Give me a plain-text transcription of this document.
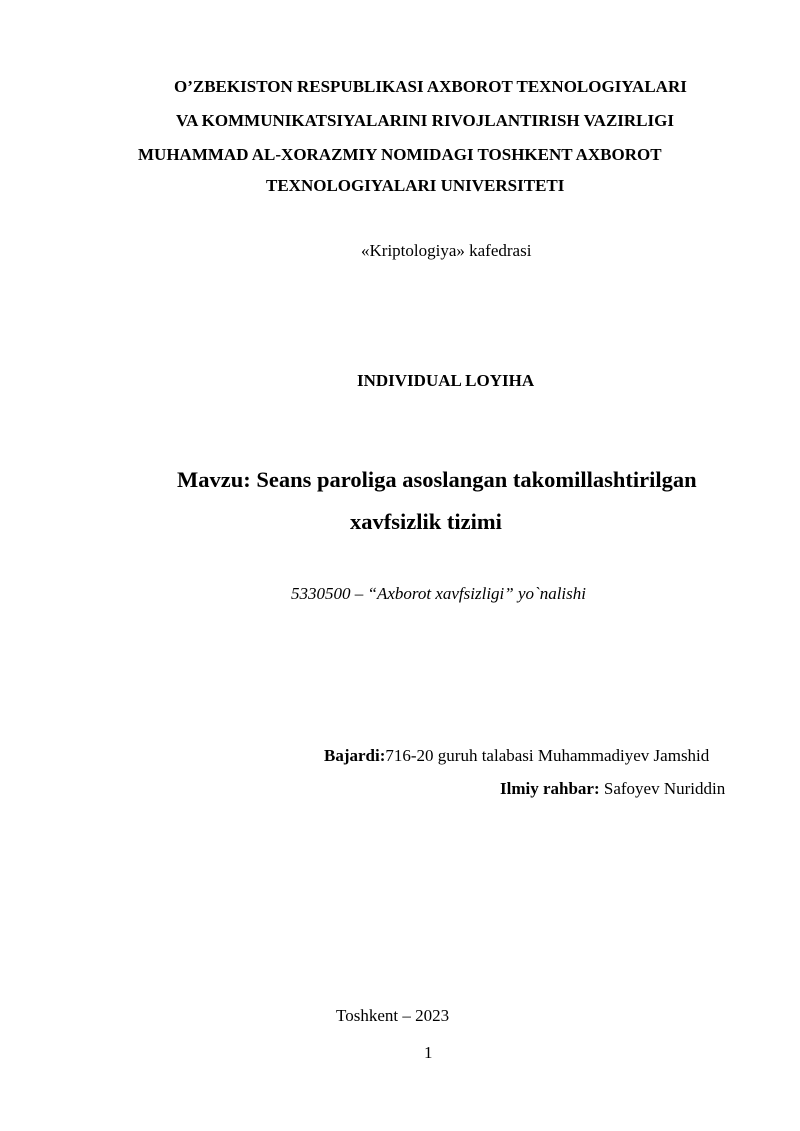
O’ZBEKISTON RESPUBLIKASI AXBOROT TEXNOLOGIYALARI
VA KOMMUNIKATSIYALARINI RIVOJLANTIRISH VAZIRLIGI
MUHAMMAD AL-XORAZMIY NOMIDAGI TOSHKENT AXBOROT
TEXNOLOGIYALARI UNIVERSITETI
«Kriptologiya» kafedrasi
INDIVIDUAL LOYIHA
Mavzu: Seans paroliga asoslangan takomillashtirilgan
xavfsizlik tizimi
5330500 – “Axborot xavfsizligi” yo`nalishi
Bajardi:716-20 guruh talabasi Muhammadiyev Jamshid
Ilmiy rahbar: Safoyev Nuriddin
Toshkent – 2023
1
